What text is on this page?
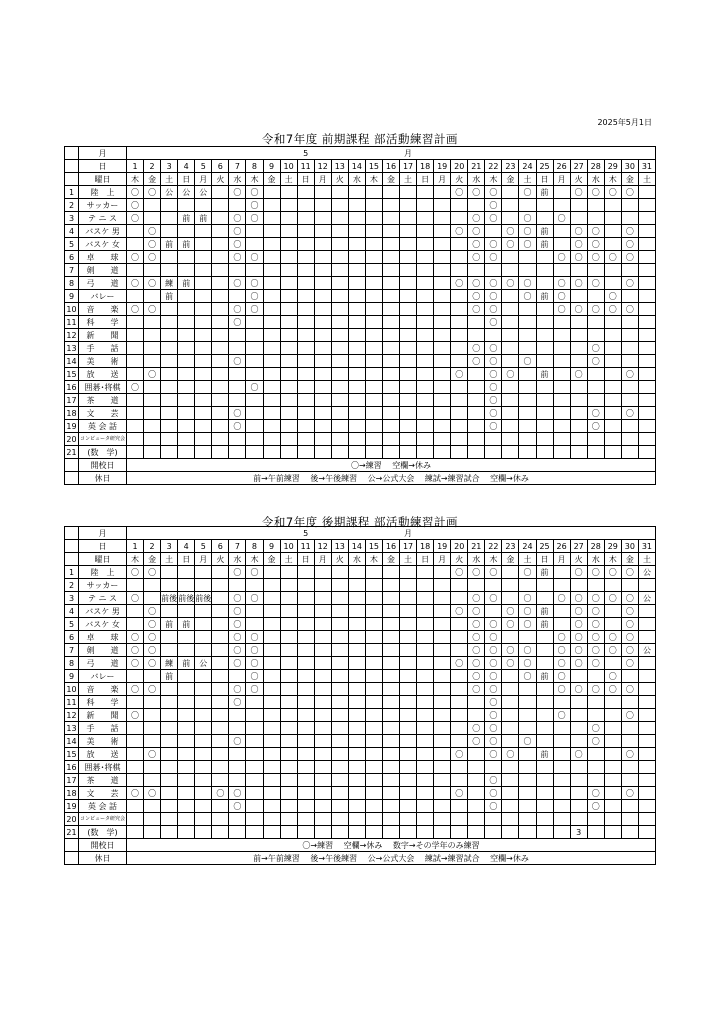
2025年5月1日
令和7年度 前期課程 部活動練習計画
	月											5						月														
	日	1	2	3	4	5	6	7	8	9	10	11	12	13	14	15	16	17	18	19	20	21	22	23	24	25	26	27	28	29	30	31
	曜日	木	金	土	日	月	火	水	木	金	土	日	月	火	水	木	金	土	日	月	火	水	木	金	土	日	月	火	水	木	金	土
1	陸　上	〇	〇	公	公	公		〇	〇												〇	〇	〇		〇	前		〇	〇	〇	〇	
2	サッカー	〇							〇														〇									
3	テ ニ ス	〇			前	前		〇	〇													〇	〇		〇		〇					
4	バスケ 男		〇					〇													〇	〇		〇	〇	前		〇	〇		〇	
5	バスケ 女		〇	前	前			〇														〇	〇	〇	〇	前		〇	〇		〇	
6	卓　　球	〇	〇					〇	〇													〇	〇				〇	〇	〇	〇	〇	
7	剣　　道																															
8	弓　　道	〇	〇	練	前			〇	〇												〇	〇	〇	〇	〇		〇	〇	〇		〇	
9	バレー			前					〇													〇	〇		〇	前	〇			〇		
10	音　　楽	〇	〇					〇	〇													〇	〇				〇	〇	〇	〇	〇	
11	科　　学							〇															〇									
12	新　　聞																															
13	手　　話																					〇	〇						〇			
14	美　　術							〇														〇	〇		〇				〇			
15	放　　送		〇																		〇		〇	〇		前		〇			〇	
16	囲碁･将棋	〇							〇														〇									
17	茶　　道																						〇									
18	文　　芸							〇															〇						〇		〇	
19	英 会 話							〇															〇						〇			
20	コンピュータ研究会																															
21	(数　学)																															
	開校日	〇→練習　 空欄→休み																														
	休日	前→午前練習　 後→午後練習　 公→公式大会　 練試→練習試合　 空欄→休み																														
令和7年度 後期課程 部活動練習計画
	月											5						月														
	日	1	2	3	4	5	6	7	8	9	10	11	12	13	14	15	16	17	18	19	20	21	22	23	24	25	26	27	28	29	30	31
	曜日	木	金	土	日	月	火	水	木	金	土	日	月	火	水	木	金	土	日	月	火	水	木	金	土	日	月	火	水	木	金	土
1	陸　上	〇	〇					〇	〇												〇	〇	〇		〇	前		〇	〇	〇	〇	公
2	サッカー																															
3	テ ニ ス	〇		前後	前後	前後		〇	〇													〇	〇		〇		〇	〇	〇	〇	〇	公
4	バスケ 男		〇					〇													〇	〇		〇	〇	前		〇	〇		〇	
5	バスケ 女		〇	前	前			〇														〇	〇	〇	〇	前		〇	〇		〇	
6	卓　　球	〇	〇					〇	〇													〇	〇				〇	〇	〇	〇	〇	
7	剣　　道	〇	〇					〇	〇													〇	〇	〇	〇		〇	〇	〇	〇	〇	公
8	弓　　道	〇	〇	練	前	公		〇	〇												〇	〇	〇	〇	〇		〇	〇	〇		〇	
9	バレー			前					〇													〇	〇		〇	前	〇			〇		
10	音　　楽	〇	〇					〇	〇													〇	〇				〇	〇	〇	〇	〇	
11	科　　学							〇															〇									
12	新　　聞	〇																					〇				〇				〇	
13	手　　話																					〇	〇						〇			
14	美　　術							〇														〇	〇		〇				〇			
15	放　　送		〇																		〇		〇	〇		前		〇			〇	
16	囲碁･将棋																															
17	茶　　道																						〇									
18	文　　芸	〇	〇				〇	〇													〇		〇						〇		〇	
19	英 会 話							〇															〇						〇			
20	コンピュータ研究会																															
21	(数　学)																											3				
	開校日	〇→練習　 空欄→休み　 数字→その学年のみ練習																														
	休日	前→午前練習　 後→午後練習　 公→公式大会　 練試→練習試合　 空欄→休み																														
